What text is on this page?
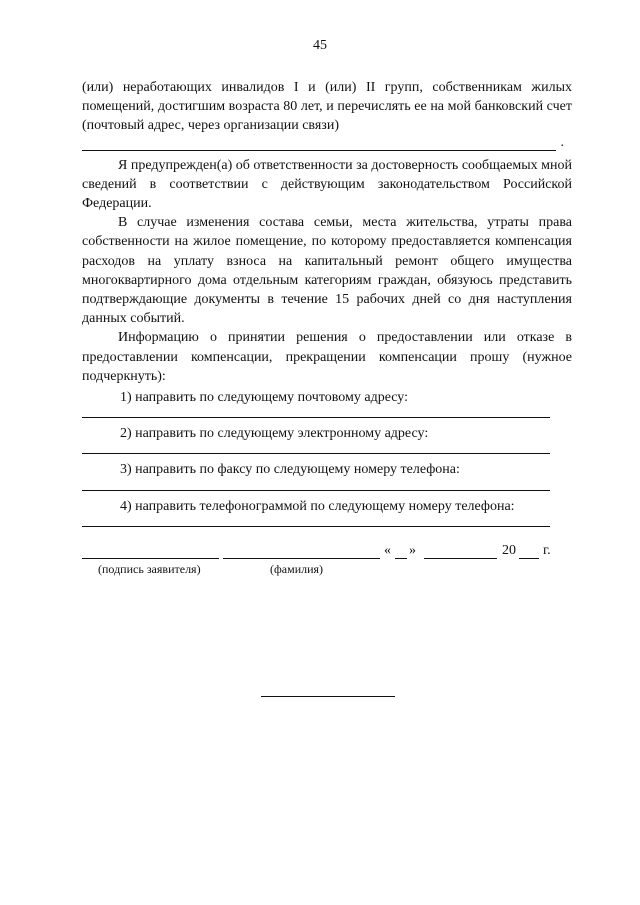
45

(или) неработающих инвалидов I и (или) II групп, собственникам жилых помещений, достигшим возраста 80 лет, и перечислять ее на мой банковский счет (почтовый адрес, через организации связи)

.

Я предупрежден(а) об ответственности за достоверность сообщаемых мной сведений в соответствии с действующим законодательством Российской Федерации.

В случае изменения состава семьи, места жительства, утраты права собственности на жилое помещение, по которому предоставляется компенсация расходов на уплату взноса на капитальный ремонт общего имущества многоквартирного дома отдельным категориям граждан, обязуюсь представить подтверждающие документы в течение 15 рабочих дней со дня наступления данных событий.

Информацию о принятии решения о предоставлении или отказе в предоставлении компенсации, прекращении компенсации прошу (нужное подчеркнуть):

1) направить по следующему почтовому адресу:
2) направить по следующему электронному адресу:
3) направить по факсу по следующему номеру телефона:
4) направить телефонограммой по следующему номеру телефона:
« »	20 г.
(подпись заявителя)	(фамилия)
